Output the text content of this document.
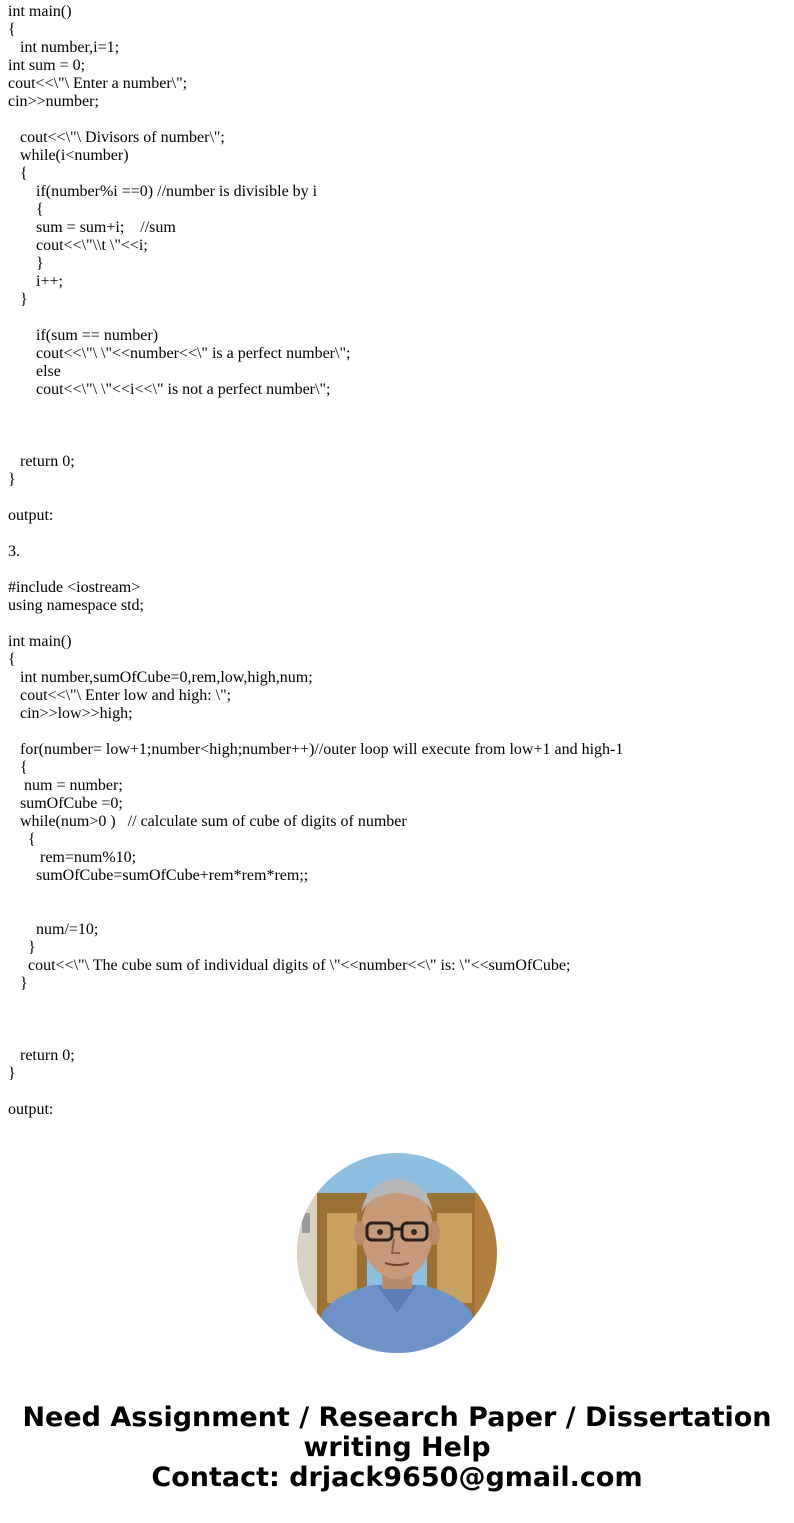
int main()
{
int number,i=1;
int sum = 0;
cout<<\"\ Enter a number\";
cin>>number;
cout<<\"\ Divisors of number\";
while(i<number)
{
if(number%i ==0) //number is divisible by i
{
sum = sum+i;    //sum
cout<<\"\\t \"<<i;
}
i++;
}
if(sum == number)
cout<<\"\ \"<<number<<\" is a perfect number\";
else
cout<<\"\ \"<<i<<\" is not a perfect number\";
return 0;
}
output:
3.
#include <iostream>
using namespace std;
int main()
{
int number,sumOfCube=0,rem,low,high,num;
cout<<\"\ Enter low and high: \";
cin>>low>>high;
for(number= low+1;number<high;number++)//outer loop will execute from low+1 and high-1
{
num = number;
sumOfCube =0;
while(num>0 )   // calculate sum of cube of digits of number
{
rem=num%10;
sumOfCube=sumOfCube+rem*rem*rem;;
num/=10;
}
cout<<\"\ The cube sum of individual digits of \"<<number<<\" is: \"<<sumOfCube;
}
return 0;
}
output:
Need Assignment / Research Paper / Dissertation
writing Help
Contact: drjack9650@gmail.com
